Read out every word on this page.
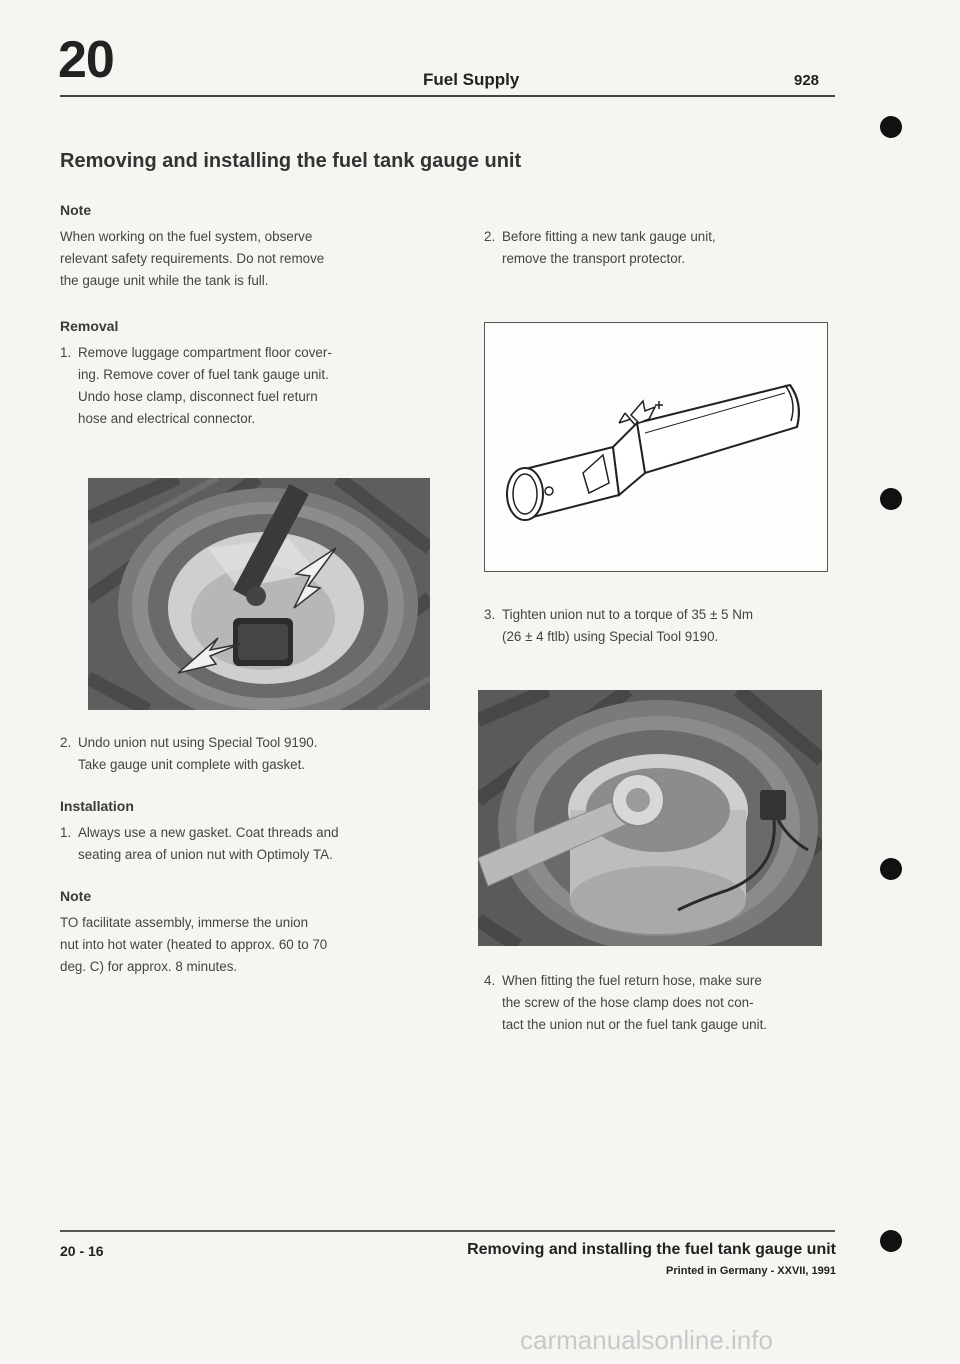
20	Fuel Supply	928
Removing and installing the fuel tank gauge unit
Note
When working on the fuel system, observe
relevant safety requirements. Do not remove
the gauge unit while the tank is full.
Removal
1. Remove luggage compartment floor cover-
ing. Remove cover of fuel tank gauge unit.
Undo hose clamp, disconnect fuel return
hose and electrical connector.
2. Undo union nut using Special Tool 9190.
Take gauge unit complete with gasket.
Installation
1. Always use a new gasket. Coat threads and
seating area of union nut with Optimoly TA.
Note
TO facilitate assembly, immerse the union
nut into hot water (heated to approx. 60 to 70
deg. C) for approx. 8 minutes.
2. Before fitting a new tank gauge unit,
remove the transport protector.
3. Tighten union nut to a torque of 35 ± 5 Nm
(26 ± 4 ftlb) using Special Tool 9190.
4. When fitting the fuel return hose, make sure
the screw of the hose clamp does not con-
tact the union nut or the fuel tank gauge unit.
20 - 16	Removing and installing the fuel tank gauge unit
Printed in Germany - XXVII, 1991
carmanualsonline.info
